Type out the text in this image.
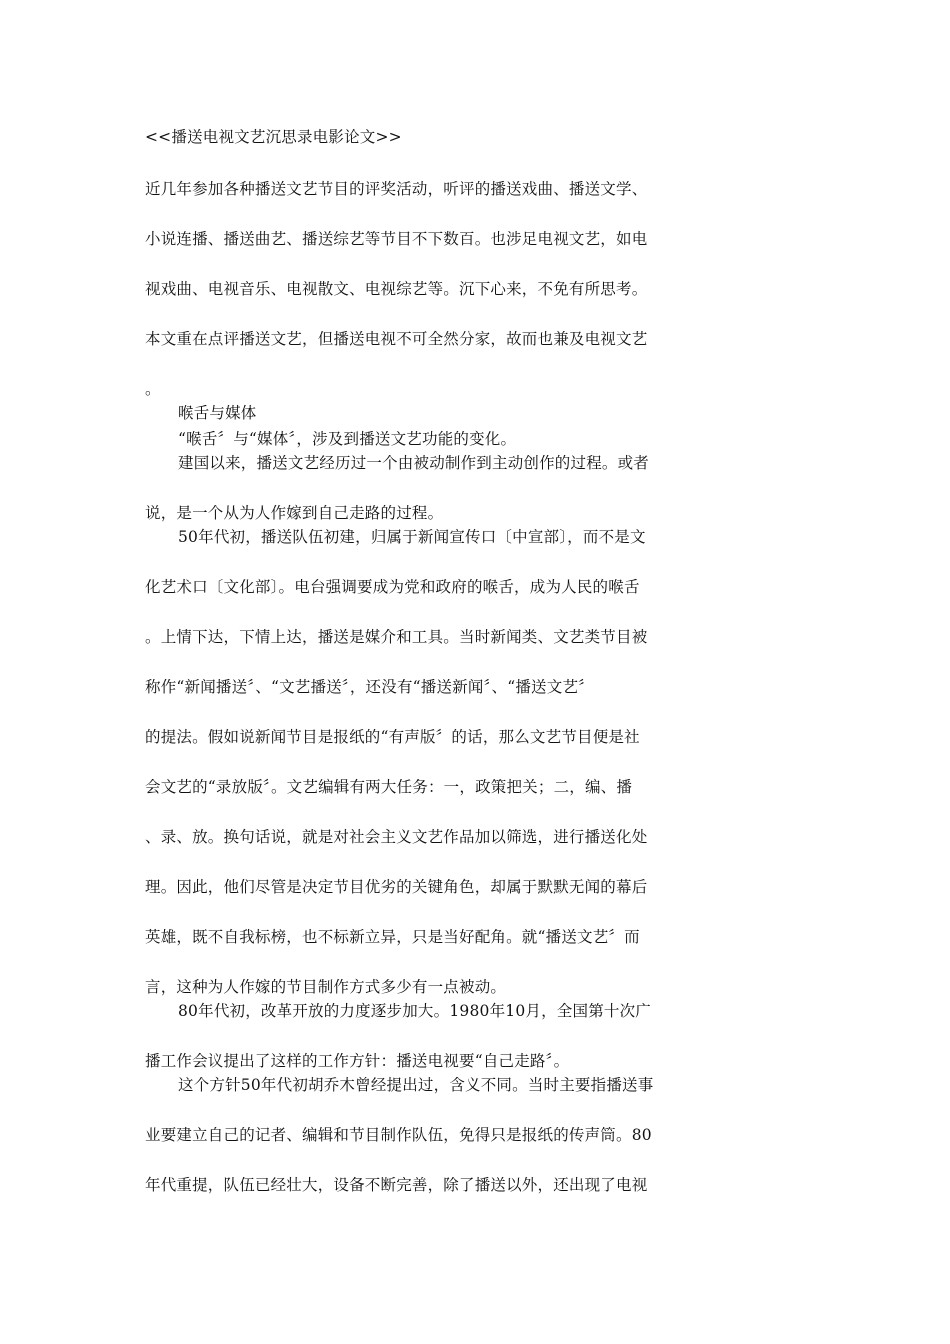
<<播送电视文艺沉思录电影论文>>

近几年参加各种播送文艺节目的评奖活动，听评的播送戏曲、播送文学、

小说连播、播送曲艺、播送综艺等节目不下数百。也涉足电视文艺，如电

视戏曲、电视音乐、电视散文、电视综艺等。沉下心来，不免有所思考。

本文重在点评播送文艺，但播送电视不可全然分家，故而也兼及电视文艺

。

喉舌与媒体

“喉舌〞与“媒体〞，涉及到播送文艺功能的变化。

建国以来，播送文艺经历过一个由被动制作到主动创作的过程。或者

说，是一个从为人作嫁到自己走路的过程。

50年代初，播送队伍初建，归属于新闻宣传口〔中宣部〕，而不是文

化艺术口〔文化部〕。电台强调要成为党和政府的喉舌，成为人民的喉舌

。上情下达，下情上达，播送是媒介和工具。当时新闻类、文艺类节目被

称作“新闻播送〞、“文艺播送〞，还没有“播送新闻〞、“播送文艺〞

的提法。假如说新闻节目是报纸的“有声版〞的话，那么文艺节目便是社

会文艺的“录放版〞。文艺编辑有两大任务：一，政策把关；二，编、播

、录、放。换句话说，就是对社会主义文艺作品加以筛选，进行播送化处

理。因此，他们尽管是决定节目优劣的关键角色，却属于默默无闻的幕后

英雄，既不自我标榜，也不标新立异，只是当好配角。就“播送文艺〞而

言，这种为人作嫁的节目制作方式多少有一点被动。

80年代初，改革开放的力度逐步加大。1980年10月，全国第十次广

播工作会议提出了这样的工作方针：播送电视要“自己走路〞。

这个方针50年代初胡乔木曾经提出过，含义不同。当时主要指播送事

业要建立自己的记者、编辑和节目制作队伍，免得只是报纸的传声筒。80

年代重提，队伍已经壮大，设备不断完善，除了播送以外，还出现了电视
